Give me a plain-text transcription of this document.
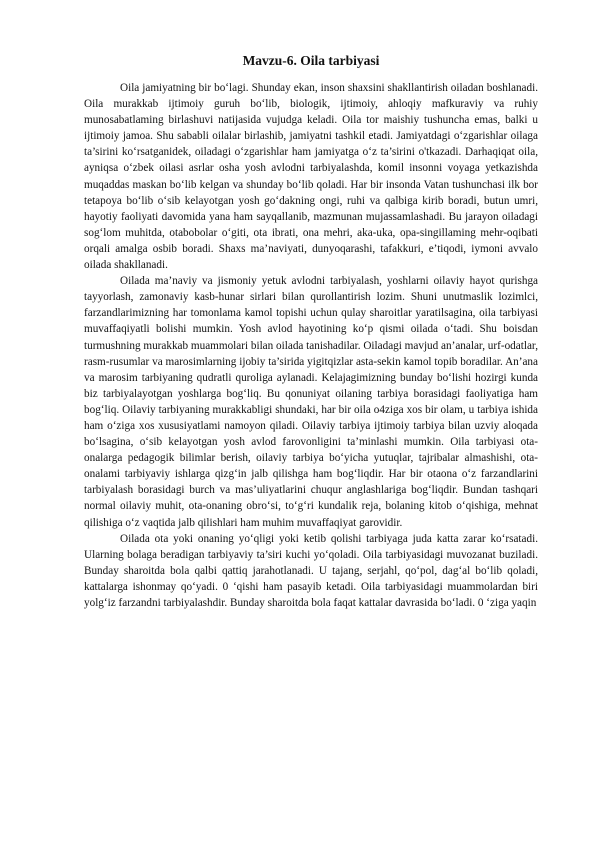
Mavzu-6. Oila tarbiyasi

Oila jamiyatning bir bo‘lagi. Shunday ekan, inson shaxsini shakllantirish oiladan boshlanadi. Oila murakkab ijtimoiy guruh bo‘lib, biologik, ijtimoiy, ahloqiy mafkuraviy va ruhiy munosabatlaming birlashuvi natijasida vujudga keladi. Oila tor maishiy tushuncha emas, balki u ijtimoiy jamoa. Shu sababli oilalar birlashib, jamiyatni tashkil etadi. Jamiyatdagi o‘zgarishlar oilaga ta’sirini ko‘rsatganidek, oiladagi o‘zgarishlar ham jamiyatga o‘z ta’sirini o'tkazadi. Darhaqiqat oila, ayniqsa o‘zbek oilasi asrlar osha yosh avlodni tarbiyalashda, komil insonni voyaga yetkazishda muqaddas maskan bo‘lib kelgan va shunday bo‘lib qoladi. Har bir insonda Vatan tushunchasi ilk bor tetapoya bo‘lib o‘sib kelayotgan yosh go‘dakning ongi, ruhi va qalbiga kirib boradi, butun umri, hayotiy faoliyati davomida yana ham sayqallanib, mazmunan mujassamlashadi. Bu jarayon oiladagi sog‘lom muhitda, otabobolar o‘giti, ota ibrati, ona mehri, aka-uka, opa-singillaming mehr-oqibati orqali amalga osbib boradi. Shaxs ma’naviyati, dunyoqarashi, tafakkuri, e’tiqodi, iymoni avvalo oilada shakllanadi.

Oilada ma’naviy va jismoniy yetuk avlodni tarbiyalash, yoshlarni oilaviy hayot qurishga tayyorlash, zamonaviy kasb-hunar sirlari bilan qurollantirish lozim. Shuni unutmaslik lozimlci, farzandlarimizning har tomonlama kamol topishi uchun qulay sharoitlar yaratilsagina, oila tarbiyasi muvaffaqiyatli bolishi mumkin. Yosh avlod hayotining ko‘p qismi oilada o‘tadi. Shu boisdan turmushning murakkab muammolari bilan oilada tanishadilar. Oiladagi mavjud an’analar, urf-odatlar, rasm-rusumlar va marosimlarning ijobiy ta’sirida yigitqizlar asta-sekin kamol topib boradilar. An’ana va marosim tarbiyaning qudratli quroliga aylanadi. Kelajagimizning bunday bo‘lishi hozirgi kunda biz tarbiyalayotgan yoshlarga bog‘liq. Bu qonuniyat oilaning tarbiya borasidagi faoliyatiga ham bog‘liq. Oilaviy tarbiyaning murakkabligi shundaki, har bir oila o4ziga xos bir olam, u tarbiya ishida ham o‘ziga xos xususiyatlami namoyon qiladi. Oilaviy tarbiya ijtimoiy tarbiya bilan uzviy aloqada bo‘lsagina, o‘sib kelayotgan yosh avlod farovonligini ta’minlashi mumkin. Oila tarbiyasi ota-onalarga pedagogik bilimlar berish, oilaviy tarbiya bo‘yicha yutuqlar, tajribalar almashishi, ota-onalami tarbiyaviy ishlarga qizg‘in jalb qilishga ham bog‘liqdir. Har bir otaona o‘z farzandlarini tarbiyalash borasidagi burch va mas’uliyatlarini chuqur anglashlariga bog‘liqdir. Bundan tashqari normal oilaviy muhit, ota-onaning obro‘si, to‘g‘ri kundalik reja, bolaning kitob o‘qishiga, mehnat qilishiga o‘z vaqtida jalb qilishlari ham muhim muvaffaqiyat garovidir.

Oilada ota yoki onaning yo‘qligi yoki ketib qolishi tarbiyaga juda katta zarar ko‘rsatadi. Ularning bolaga beradigan tarbiyaviy ta’siri kuchi yo‘qoladi. Oila tarbiyasidagi muvozanat buziladi. Bunday sharoitda bola qalbi qattiq jarahotlanadi. U tajang, serjahl, qo‘pol, dag‘al bo‘lib qoladi, kattalarga ishonmay qo‘yadi. 0 ‘qishi ham pasayib ketadi. Oila tarbiyasidagi muammolardan biri yolg‘iz farzandni tarbiyalashdir. Bunday sharoitda bola faqat kattalar davrasida bo‘ladi. 0 ‘ziga yaqin
